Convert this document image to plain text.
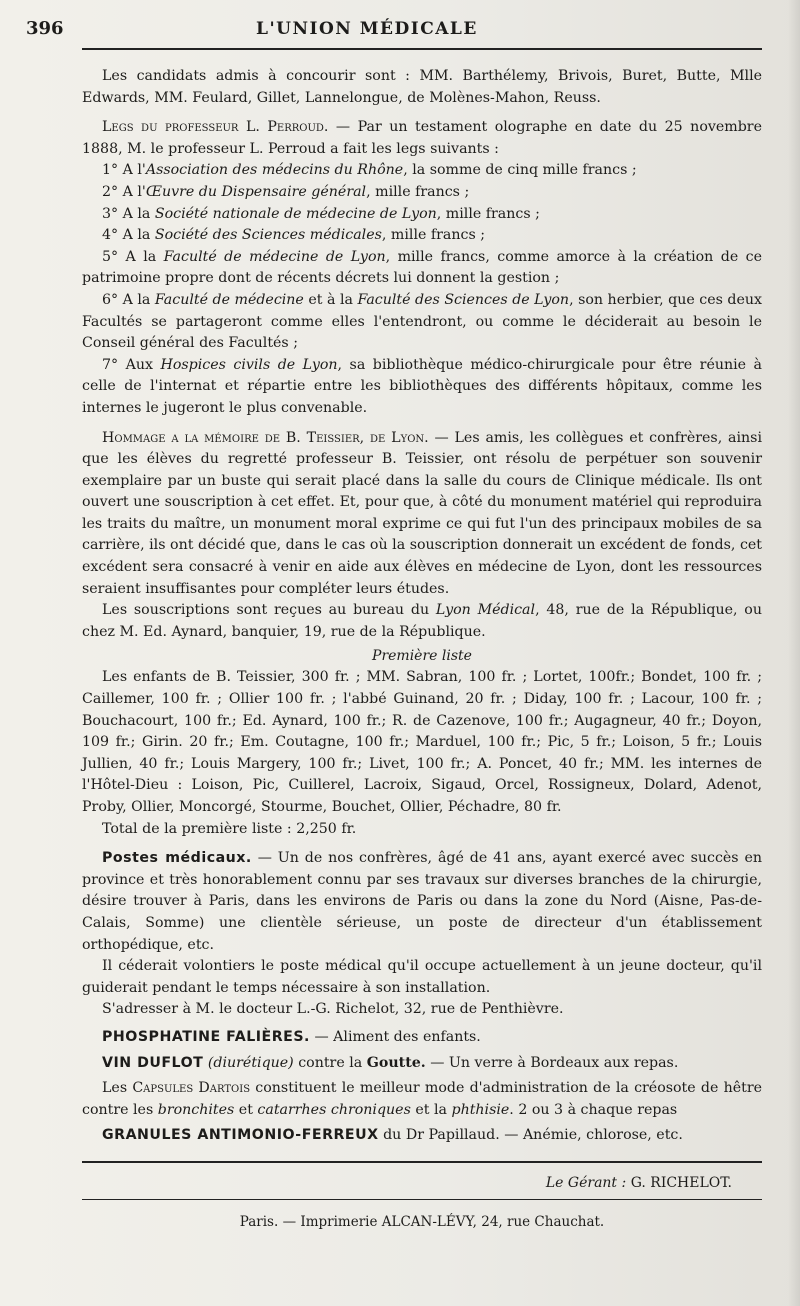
396	L'UNION MÉDICALE

Les candidats admis à concourir sont : MM. Barthélemy, Brivois, Buret, Butte, Mlle Edwards, MM. Feulard, Gillet, Lannelongue, de Molènes-Mahon, Reuss.

Legs du professeur L. Perroud. — Par un testament olographe en date du 25 novembre 1888, M. le professeur L. Perroud a fait les legs suivants :

1° A l'Association des médecins du Rhône, la somme de cinq mille francs ;

2° A l'Œuvre du Dispensaire général, mille francs ;

3° A la Société nationale de médecine de Lyon, mille francs ;

4° A la Société des Sciences médicales, mille francs ;

5° A la Faculté de médecine de Lyon, mille francs, comme amorce à la création de ce patrimoine propre dont de récents décrets lui donnent la gestion ;

6° A la Faculté de médecine et à la Faculté des Sciences de Lyon, son herbier, que ces deux Facultés se partageront comme elles l'entendront, ou comme le déciderait au besoin le Conseil général des Facultés ;

7° Aux Hospices civils de Lyon, sa bibliothèque médico-chirurgicale pour être réunie à celle de l'internat et répartie entre les bibliothèques des différents hôpitaux, comme les internes le jugeront le plus convenable.

Hommage a la mémoire de B. Teissier, de Lyon. — Les amis, les collègues et confrères, ainsi que les élèves du regretté professeur B. Teissier, ont résolu de perpétuer son souvenir exemplaire par un buste qui serait placé dans la salle du cours de Clinique médicale. Ils ont ouvert une souscription à cet effet. Et, pour que, à côté du monument matériel qui reproduira les traits du maître, un monument moral exprime ce qui fut l'un des principaux mobiles de sa carrière, ils ont décidé que, dans le cas où la souscription donnerait un excédent de fonds, cet excédent sera consacré à venir en aide aux élèves en médecine de Lyon, dont les ressources seraient insuffisantes pour compléter leurs études.

Les souscriptions sont reçues au bureau du Lyon Médical, 48, rue de la République, ou chez M. Ed. Aynard, banquier, 19, rue de la République.

Première liste

Les enfants de B. Teissier, 300 fr. ; MM. Sabran, 100 fr. ; Lortet, 100fr.; Bondet, 100 fr. ; Caillemer, 100 fr. ; Ollier 100 fr. ; l'abbé Guinand, 20 fr. ; Diday, 100 fr. ; Lacour, 100 fr. ; Bouchacourt, 100 fr.; Ed. Aynard, 100 fr.; R. de Cazenove, 100 fr.; Augagneur, 40 fr.; Doyon, 109 fr.; Girin. 20 fr.; Em. Coutagne, 100 fr.; Marduel, 100 fr.; Pic, 5 fr.; Loison, 5 fr.; Louis Jullien, 40 fr.; Louis Margery, 100 fr.; Livet, 100 fr.; A. Poncet, 40 fr.; MM. les internes de l'Hôtel-Dieu : Loison, Pic, Cuillerel, Lacroix, Sigaud, Orcel, Rossigneux, Dolard, Adenot, Proby, Ollier, Moncorgé, Stourme, Bouchet, Ollier, Péchadre, 80 fr.

Total de la première liste : 2,250 fr.

Postes médicaux. — Un de nos confrères, âgé de 41 ans, ayant exercé avec succès en province et très honorablement connu par ses travaux sur diverses branches de la chirurgie, désire trouver à Paris, dans les environs de Paris ou dans la zone du Nord (Aisne, Pas-de-Calais, Somme) une clientèle sérieuse, un poste de directeur d'un établissement orthopédique, etc.

Il céderait volontiers le poste médical qu'il occupe actuellement à un jeune docteur, qu'il guiderait pendant le temps nécessaire à son installation.

S'adresser à M. le docteur L.-G. Richelot, 32, rue de Penthièvre.

PHOSPHATINE FALIÈRES. — Aliment des enfants.

VIN DUFLOT (diurétique) contre la Goutte. — Un verre à Bordeaux aux repas.

Les Capsules Dartois constituent le meilleur mode d'administration de la créosote de hêtre contre les bronchites et catarrhes chroniques et la phthisie. 2 ou 3 à chaque repas

GRANULES ANTIMONIO-FERREUX du Dr Papillaud. — Anémie, chlorose, etc.

Le Gérant : G. RICHELOT.
Paris. — Imprimerie ALCAN-LÉVY, 24, rue Chauchat.
